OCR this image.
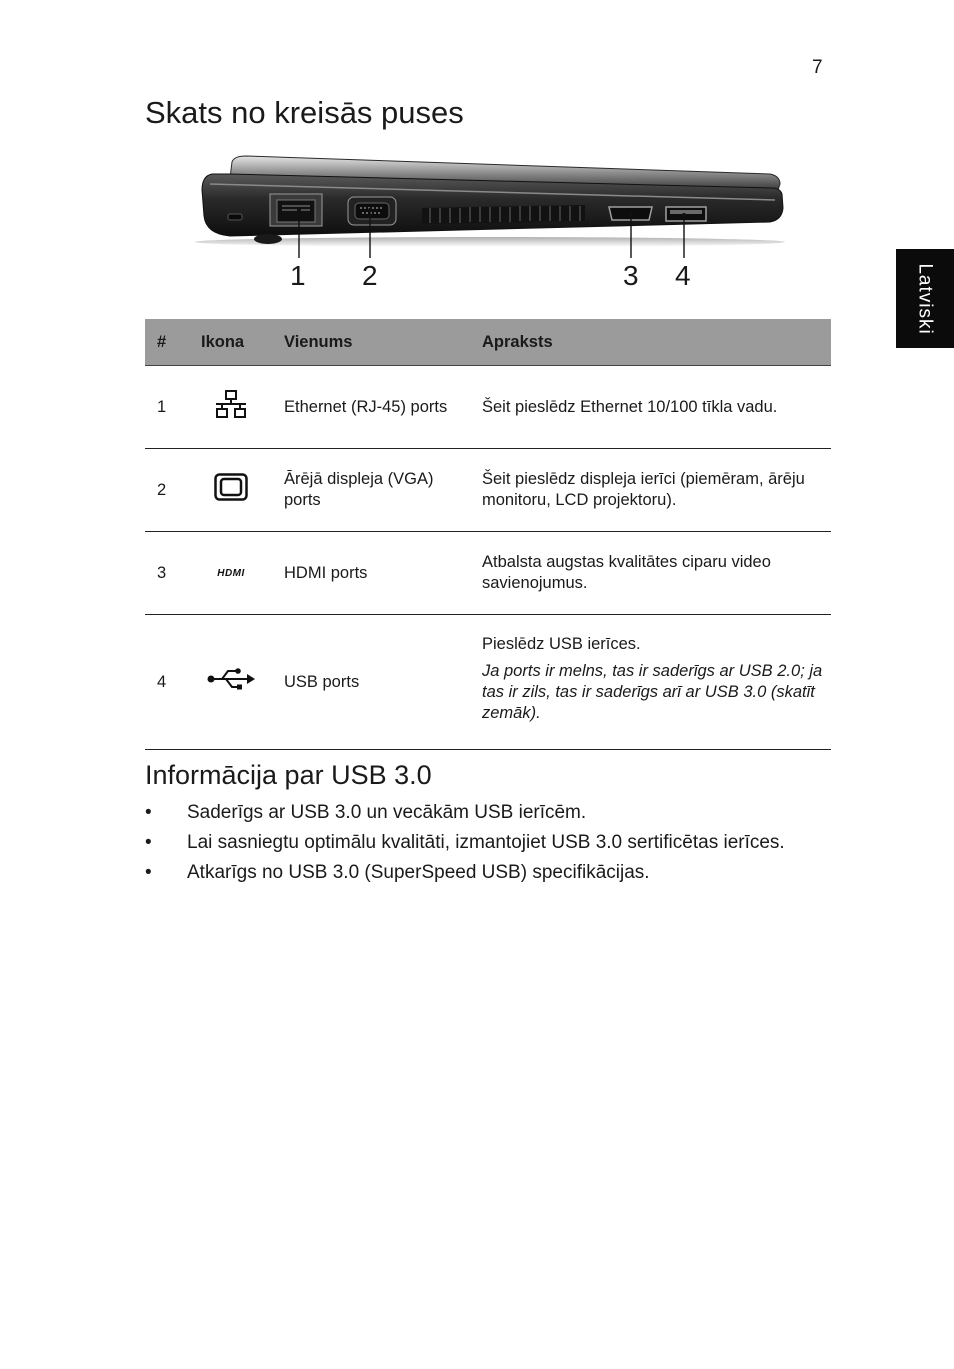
7
Latviski
Skats no kreisās puses
1 2	3 4
#	Ikona	Vienums	Apraksts
1		Ethernet (RJ-45) ports	Šeit pieslēdz Ethernet 10/100 tīkla vadu.
2		Ārējā displeja (VGA) ports	Šeit pieslēdz displeja ierīci (piemēram, ārēju monitoru, LCD projektoru).
3	HDMI	HDMI ports	Atbalsta augstas kvalitātes ciparu video savienojumus.
4		USB ports	Pieslēdz USB ierīces.
Ja ports ir melns, tas ir saderīgs ar USB 2.0; ja tas ir zils, tas ir saderīgs arī ar USB 3.0 (skatīt zemāk).
Informācija par USB 3.0
• Saderīgs ar USB 3.0 un vecākām USB ierīcēm.
• Lai sasniegtu optimālu kvalitāti, izmantojiet USB 3.0 sertificētas ierīces.
• Atkarīgs no USB 3.0 (SuperSpeed USB) specifikācijas.
